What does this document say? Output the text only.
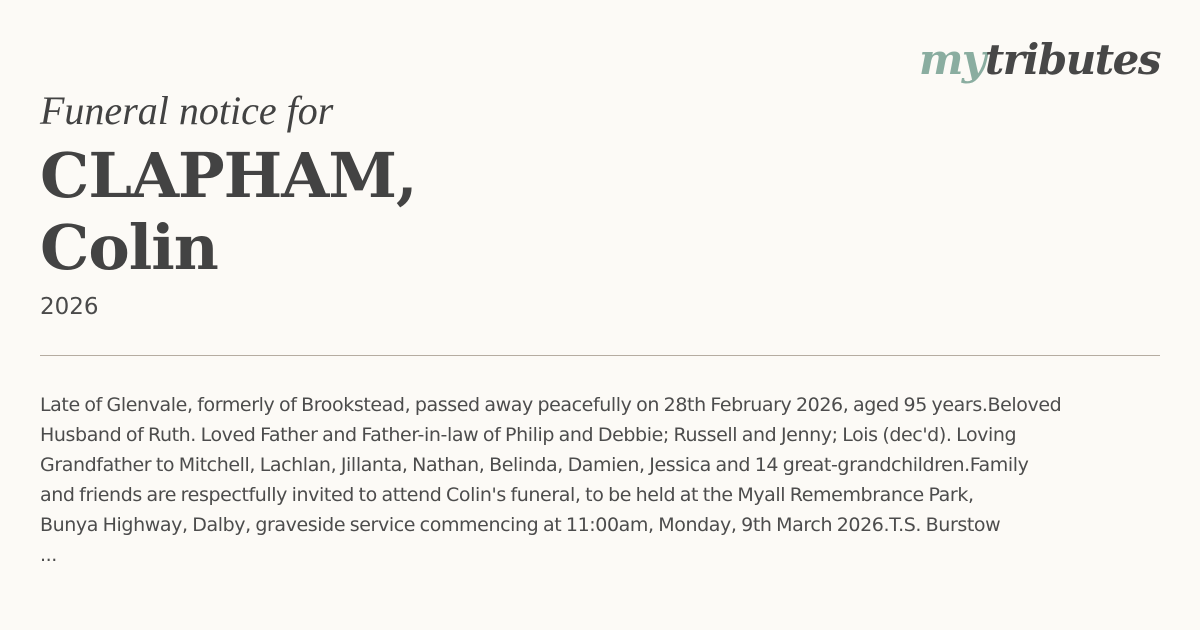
mytributes
Funeral notice for
CLAPHAM,
Colin
2026
Late of Glenvale, formerly of Brookstead, passed away peacefully on 28th February 2026, aged 95 years.Beloved
Husband of Ruth. Loved Father and Father-in-law of Philip and Debbie; Russell and Jenny; Lois (dec'd). Loving
Grandfather to Mitchell, Lachlan, Jillanta, Nathan, Belinda, Damien, Jessica and 14 great-grandchildren.Family
and friends are respectfully invited to attend Colin's funeral, to be held at the Myall Remembrance Park,
Bunya Highway, Dalby, graveside service commencing at 11:00am, Monday, 9th March 2026.T.S. Burstow
...
